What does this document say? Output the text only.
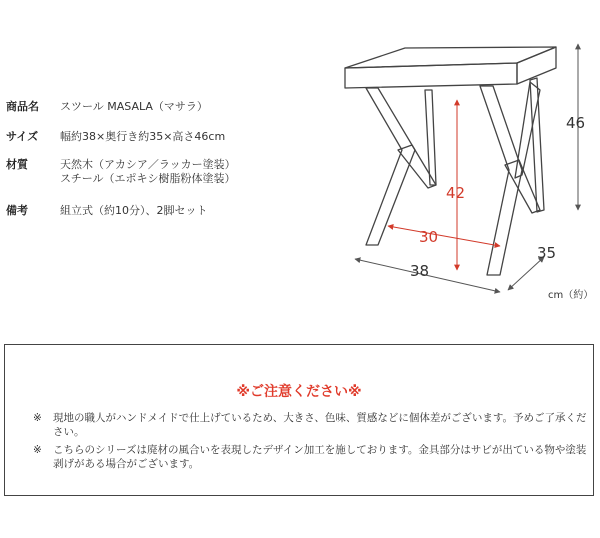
商品名	スツール MASALA（マサラ）
サイズ	幅約38×奥行き約35×高さ46cm
材質	天然木（アカシア／ラッカー塗装）
スチール（エポキシ樹脂粉体塗装）
備考	組立式（約10分）、2脚セット
46
42
30
38
35
cm（約）
※ご注意ください※
※ 現地の職人がハンドメイドで仕上げているため、大きさ、色味、質感などに個体差がございます。予めご了承ください。
※ こちらのシリーズは廃材の風合いを表現したデザイン加工を施しております。金具部分はサビが出ている物や塗装剥げがある場合がございます。
